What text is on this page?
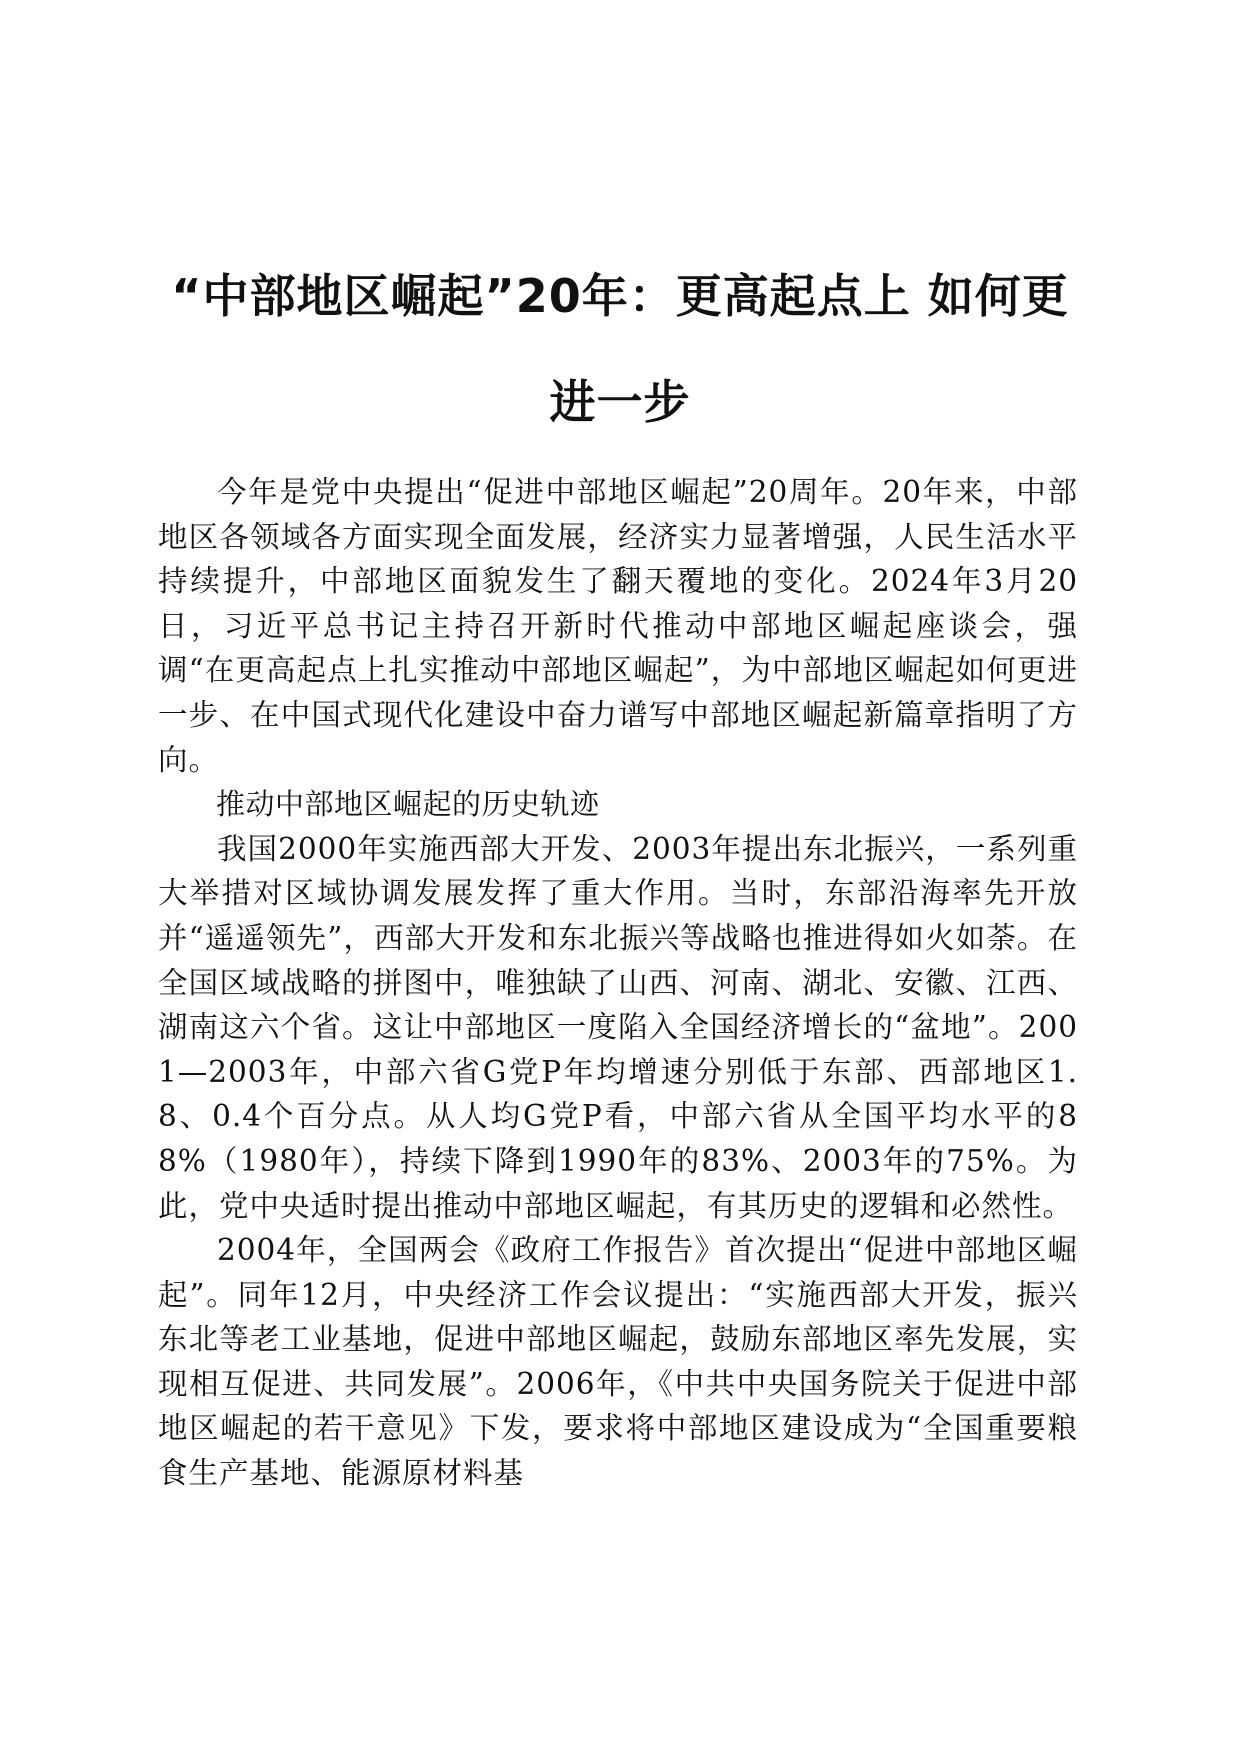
“中部地区崛起”20年：更高起点上 如何更进一步

今年是党中央提出“促进中部地区崛起”20周年。20年来，中部地区各领域各方面实现全面发展，经济实力显著增强，人民生活水平持续提升，中部地区面貌发生了翻天覆地的变化。2024年3月20日，习近平总书记主持召开新时代推动中部地区崛起座谈会，强调“在更高起点上扎实推动中部地区崛起”，为中部地区崛起如何更进一步、在中国式现代化建设中奋力谱写中部地区崛起新篇章指明了方向。

推动中部地区崛起的历史轨迹

我国2000年实施西部大开发、2003年提出东北振兴，一系列重大举措对区域协调发展发挥了重大作用。当时，东部沿海率先开放并“遥遥领先”，西部大开发和东北振兴等战略也推进得如火如荼。在全国区域战略的拼图中，唯独缺了山西、河南、湖北、安徽、江西、湖南这六个省。这让中部地区一度陷入全国经济增长的“盆地”。2001—2003年，中部六省G党P年均增速分别低于东部、西部地区1.8、0.4个百分点。从人均G党P看，中部六省从全国平均水平的88%（1980年），持续下降到1990年的83%、2003年的75%。为此，党中央适时提出推动中部地区崛起，有其历史的逻辑和必然性。

2004年，全国两会《政府工作报告》首次提出“促进中部地区崛起”。同年12月，中央经济工作会议提出：“实施西部大开发，振兴东北等老工业基地，促进中部地区崛起，鼓励东部地区率先发展，实现相互促进、共同发展”。2006年，《中共中央国务院关于促进中部地区崛起的若干意见》下发，要求将中部地区建设成为“全国重要粮食生产基地、能源原材料基
